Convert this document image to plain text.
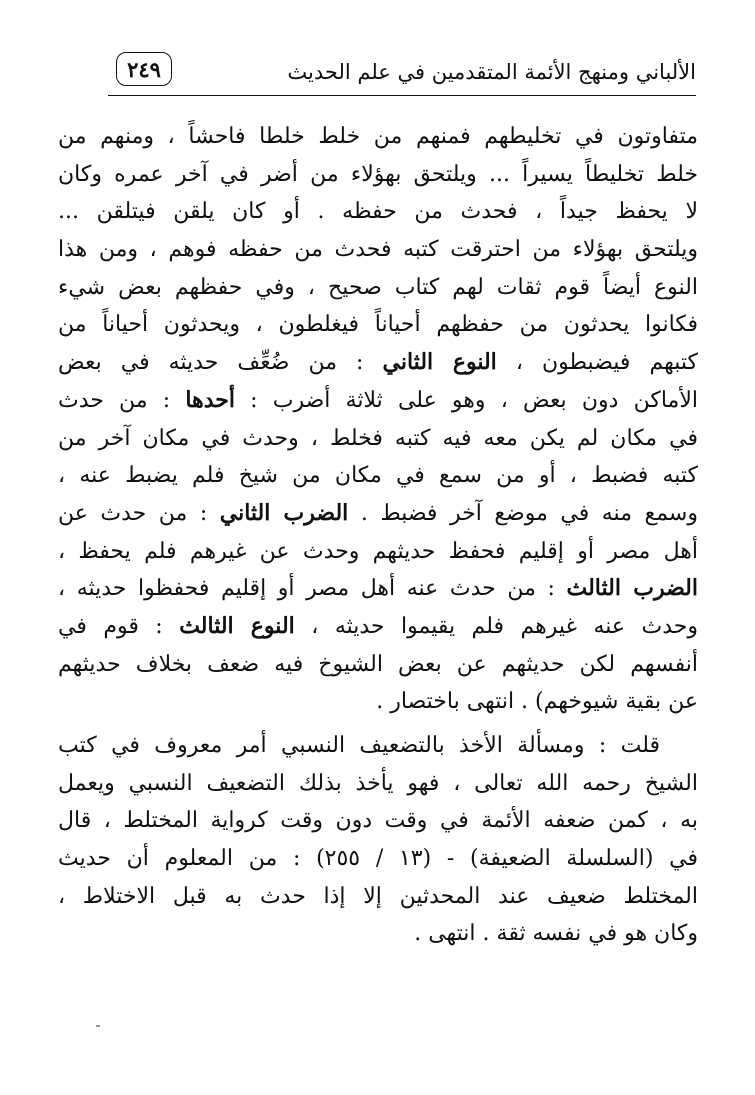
الألباني ومنهج الأئمة المتقدمين في علم الحديث
٢٤٩
متفاوتون في تخليطهم فمنهم من خلط خلطا فاحشاً ، ومنهم من
خلط تخليطاً يسيراً ... ويلتحق بهؤلاء من أضر في آخر عمره وكان
لا يحفظ جيداً ، فحدث من حفظه . أو كان يلقن فيتلقن ...
ويلتحق بهؤلاء من احترقت كتبه فحدث من حفظه فوهم ، ومن هذا
النوع أيضاً قوم ثقات لهم كتاب صحيح ، وفي حفظهم بعض شيء
فكانوا يحدثون من حفظهم أحياناً فيغلطون ، ويحدثون أحياناً من
كتبهم فيضبطون ، النوع الثاني : من ضُعِّف حديثه في بعض
الأماكن دون بعض ، وهو على ثلاثة أضرب : أحدها : من حدث
في مكان لم يكن معه فيه كتبه فخلط ، وحدث في مكان آخر من
كتبه فضبط ، أو من سمع في مكان من شيخ فلم يضبط عنه ،
وسمع منه في موضع آخر فضبط . الضرب الثاني : من حدث عن
أهل مصر أو إقليم فحفظ حديثهم وحدث عن غيرهم فلم يحفظ ،
الضرب الثالث : من حدث عنه أهل مصر أو إقليم فحفظوا حديثه ،
وحدث عنه غيرهم فلم يقيموا حديثه ، النوع الثالث : قوم في
أنفسهم لكن حديثهم عن بعض الشيوخ فيه ضعف بخلاف حديثهم
عن بقية شيوخهم) . انتهى باختصار .
قلت : ومسألة الأخذ بالتضعيف النسبي أمر معروف في كتب
الشيخ رحمه الله تعالى ، فهو يأخذ بذلك التضعيف النسبي ويعمل
به ، كمن ضعفه الأئمة في وقت دون وقت كرواية المختلط ، قال
في (السلسلة الضعيفة) - (١٣ / ٢٥٥) : من المعلوم أن حديث
المختلط ضعيف عند المحدثين إلا إذا حدث به قبل الاختلاط ،
وكان هو في نفسه ثقة . انتهى .
